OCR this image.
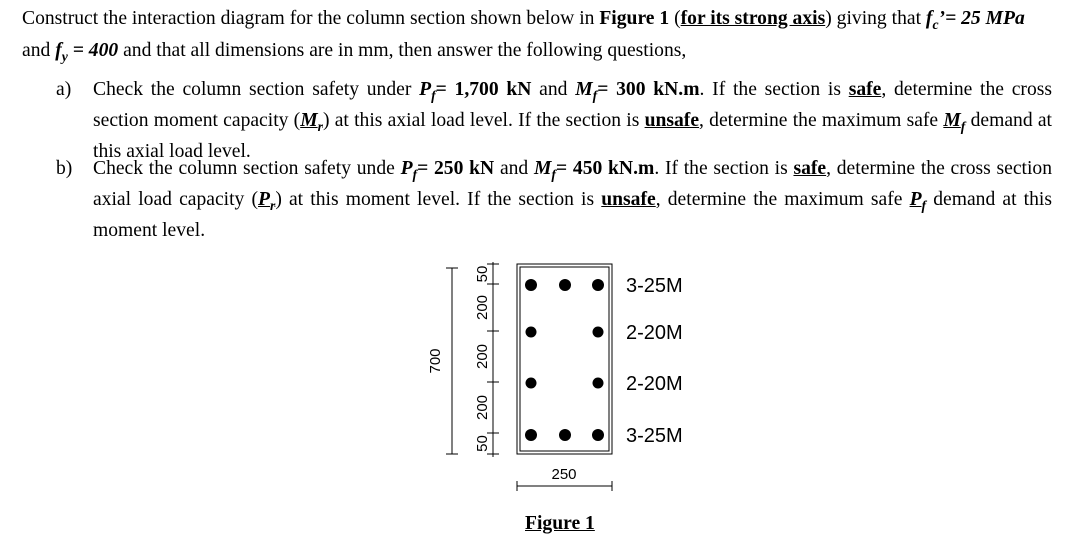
Construct the interaction diagram for the column section shown below in Figure 1 (for its strong axis) giving that $f_c’= 25$ MPa and $f_y = 400$ and that all dimensions are in mm, then answer the following questions,
a) Check the column section safety under $P_f= 1,700$ kN and $M_f= 300$ kN.m. If the section is safe, determine the cross section moment capacity $(M_r)$ at this axial load level. If the section is unsafe, determine the maximum safe $M_f$ demand at this axial load level.
b) Check the column section safety unde $P_f= 250$ kN and $M_f= 450$ kN.m. If the section is safe, determine the cross section axial load capacity $(P_r)$ at this moment level. If the section is unsafe, determine the maximum safe $P_f$ demand at this moment level.
700
50
200
200
200
50
3-25M
2-20M
2-20M
3-25M
250
Figure 1
